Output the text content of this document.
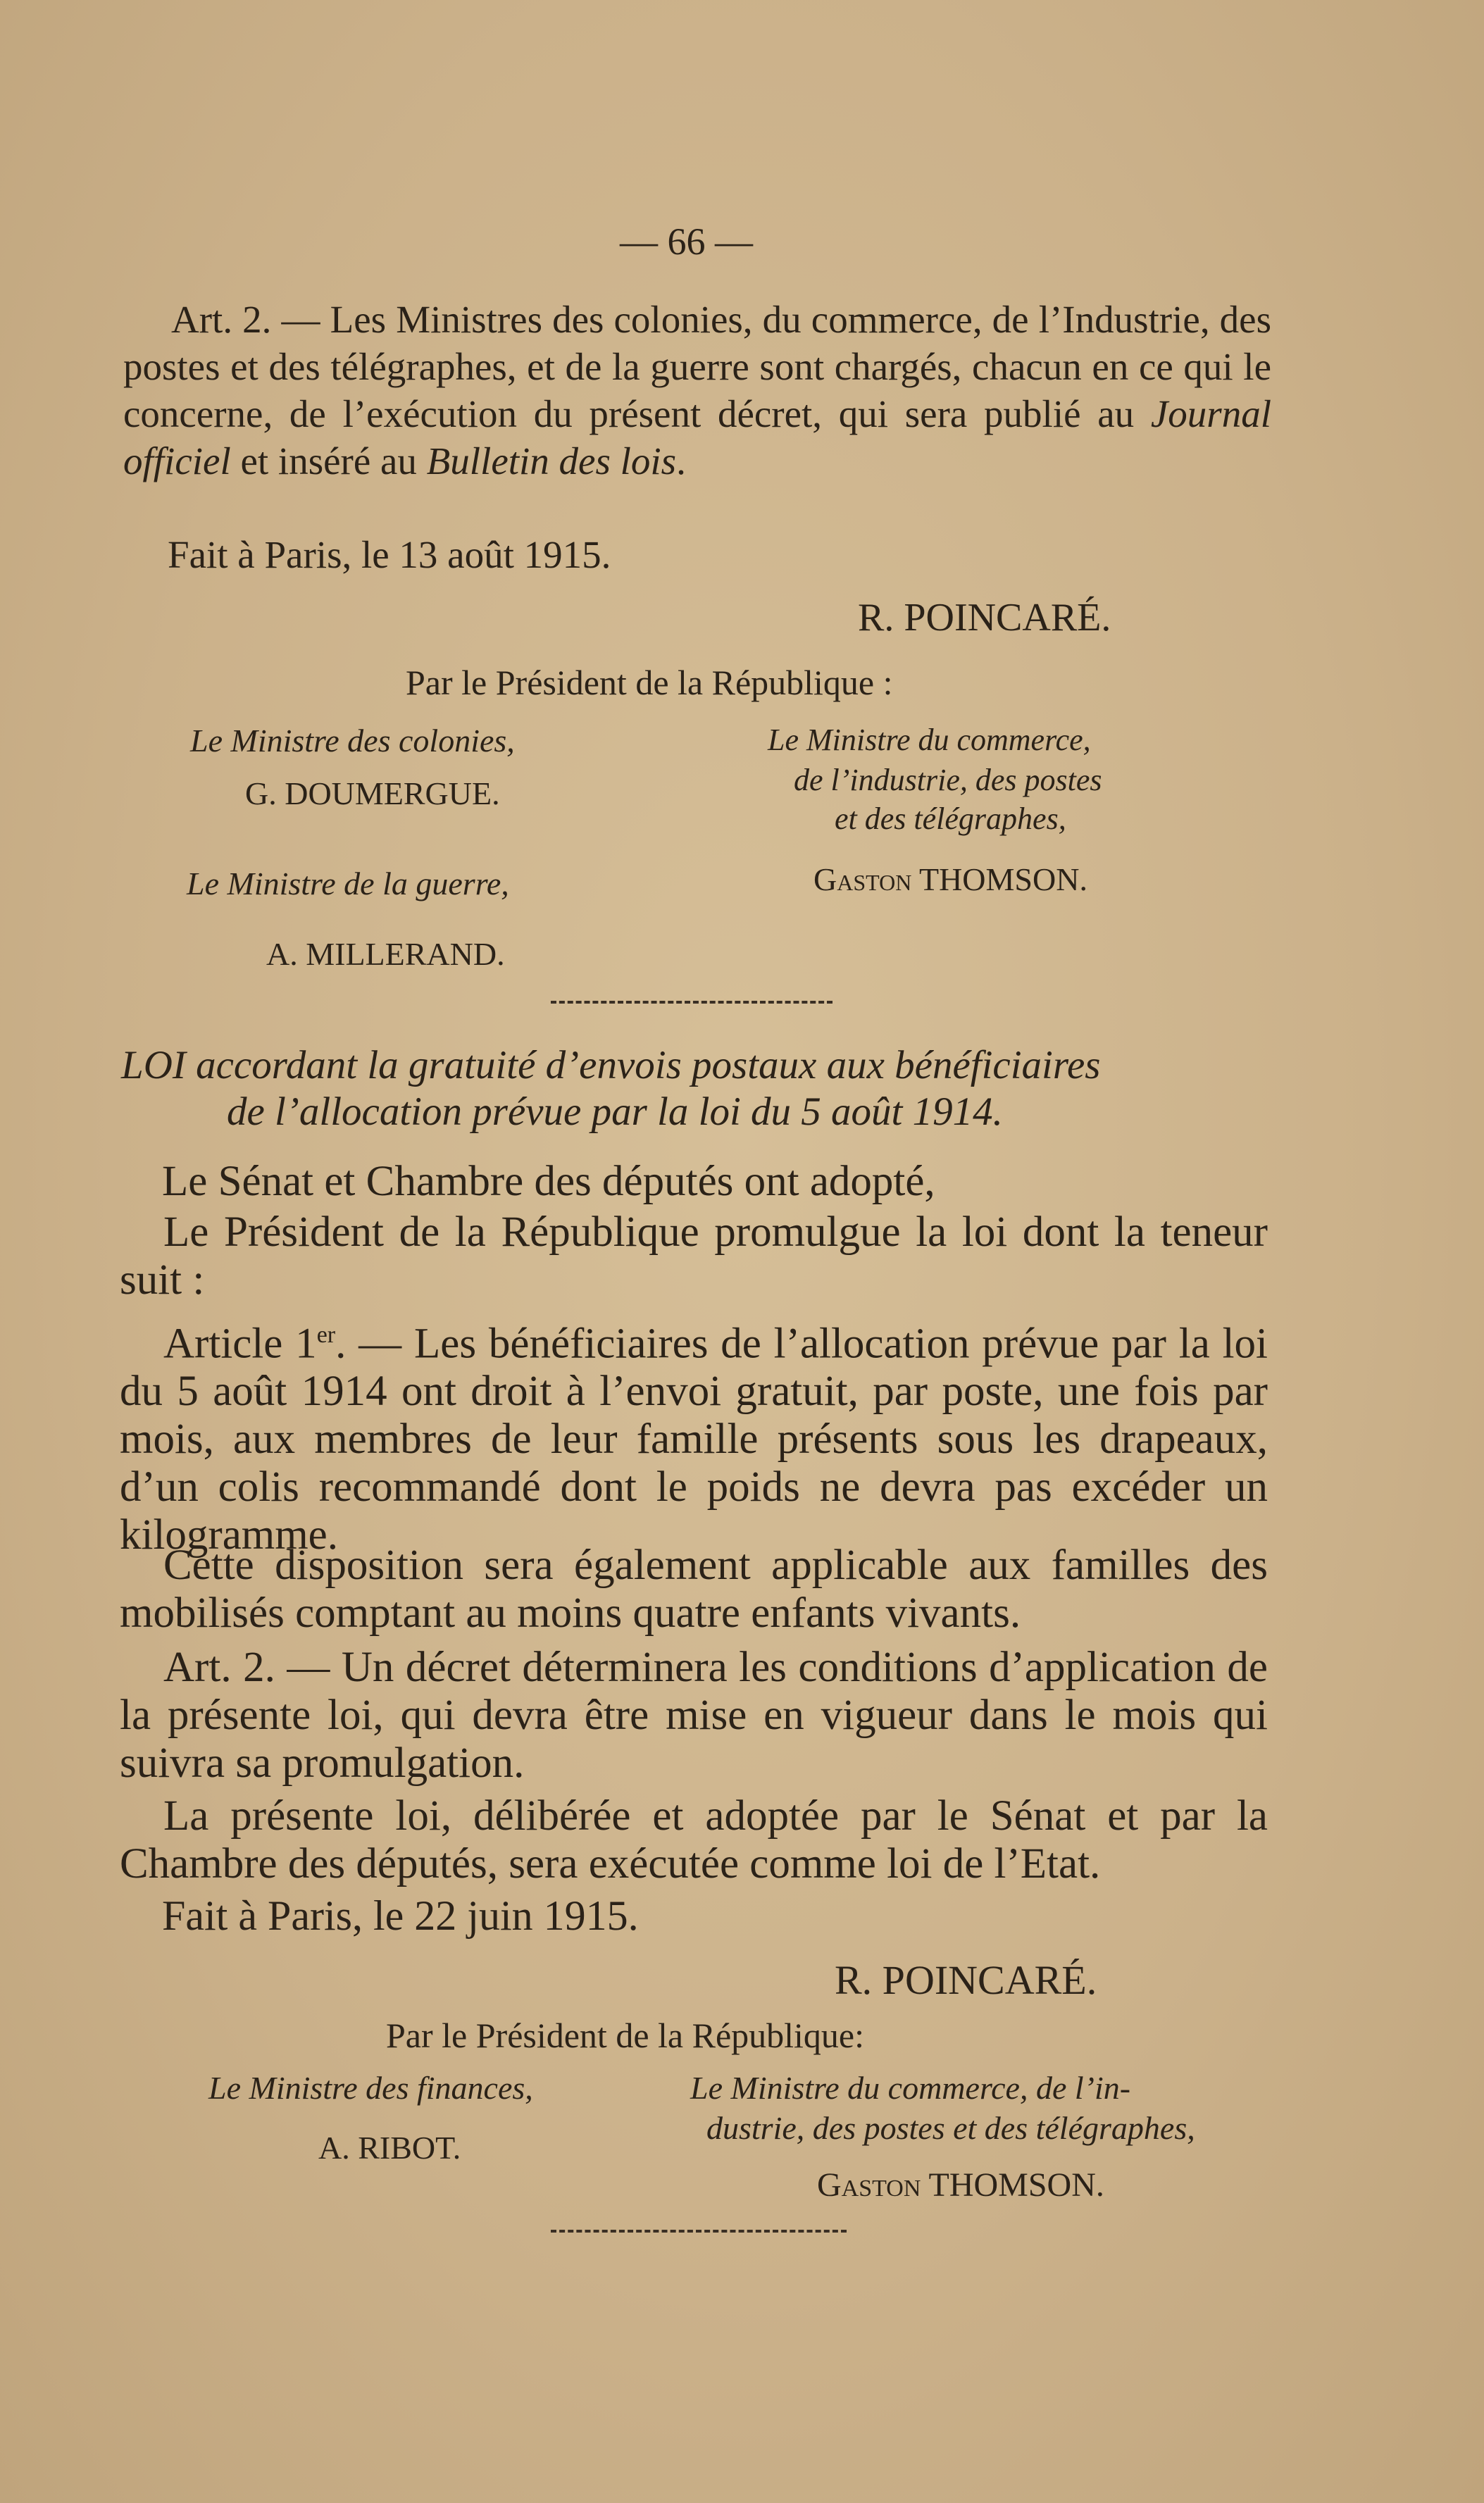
— 66 —
Art. 2. — Les Ministres des colonies, du commerce, de l’Industrie, des postes et des télégraphes, et de la guerre sont chargés, chacun en ce qui le concerne, de l’exécution du présent décret, qui sera publié au Journal officiel et inséré au Bulletin des lois.
Fait à Paris, le 13 août 1915.
R. POINCARÉ.
Par le Président de la République :
Le Ministre des colonies,
G. DOUMERGUE.
Le Ministre du commerce,
de l’industrie, des postes
et des télégraphes,
Gaston THOMSON.
Le Ministre de la guerre,
A. MILLERAND.
LOI accordant la gratuité d’envois postaux aux bénéficiaires
de l’allocation prévue par la loi du 5 août 1914.
Le Sénat et Chambre des députés ont adopté,
Le Président de la République promulgue la loi dont la teneur suit :
Article 1er. — Les bénéficiaires de l’allocation prévue par la loi du 5 août 1914 ont droit à l’envoi gratuit, par poste, une fois par mois, aux membres de leur famille présents sous les drapeaux, d’un colis recommandé dont le poids ne devra pas excéder un kilogramme.
Cette disposition sera également applicable aux familles des mobilisés comptant au moins quatre enfants vivants.
Art. 2. — Un décret déterminera les conditions d’application de la présente loi, qui devra être mise en vigueur dans le mois qui suivra sa promulgation.
La présente loi, délibérée et adoptée par le Sénat et par la Chambre des députés, sera exécutée comme loi de l’Etat.
Fait à Paris, le 22 juin 1915.
R. POINCARÉ.
Par le Président de la République:
Le Ministre des finances,
A. RIBOT.
Le Ministre du commerce, de l’in-
dustrie, des postes et des télégraphes,
Gaston THOMSON.
